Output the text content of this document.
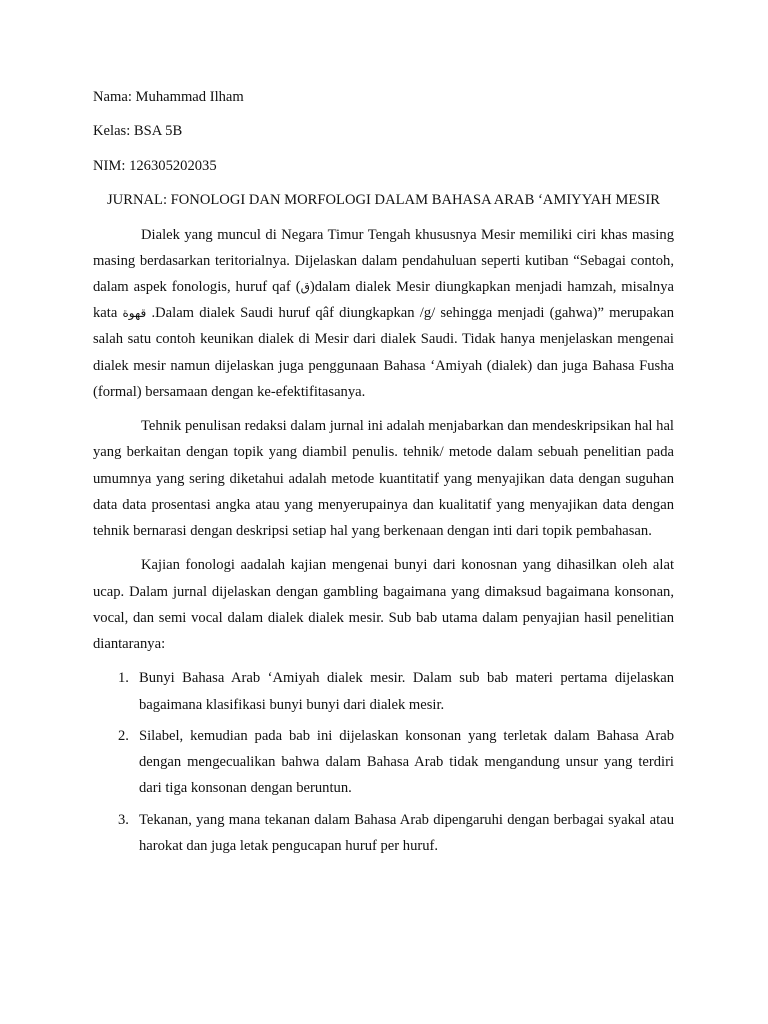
Nama: Muhammad Ilham

Kelas: BSA 5B

NIM: 126305202035

JURNAL: FONOLOGI DAN MORFOLOGI DALAM BAHASA ARAB ‘AMIYYAH MESIR

Dialek yang muncul di Negara Timur Tengah khususnya Mesir memiliki ciri khas masing masing berdasarkan teritorialnya. Dijelaskan dalam pendahuluan seperti kutiban “Sebagai contoh, dalam aspek fonologis, huruf qaf (ق)dalam dialek Mesir diungkapkan menjadi hamzah, misalnya kata قهوة .Dalam dialek Saudi huruf qâf diungkapkan /g/ sehingga menjadi (gahwa)” merupakan salah satu contoh keunikan dialek di Mesir dari dialek Saudi. Tidak hanya menjelaskan mengenai dialek mesir namun dijelaskan juga penggunaan Bahasa ‘Amiyah (dialek) dan juga Bahasa Fusha (formal) bersamaan dengan ke-efektifitasanya.

Tehnik penulisan redaksi dalam jurnal ini adalah menjabarkan dan mendeskripsikan hal hal yang berkaitan dengan topik yang diambil penulis. tehnik/ metode dalam sebuah penelitian pada umumnya yang sering diketahui adalah metode kuantitatif yang menyajikan data dengan suguhan data data prosentasi angka atau yang menyerupainya dan kualitatif yang menyajikan data dengan tehnik bernarasi dengan deskripsi setiap hal yang berkenaan dengan inti dari topik pembahasan.

Kajian fonologi aadalah kajian mengenai bunyi dari konosnan yang dihasilkan oleh alat ucap. Dalam jurnal dijelaskan dengan gambling bagaimana yang dimaksud bagaimana konsonan, vocal, dan semi vocal dalam dialek dialek mesir. Sub bab utama dalam penyajian hasil penelitian diantaranya:

1. Bunyi Bahasa Arab ‘Amiyah dialek mesir. Dalam sub bab materi pertama dijelaskan bagaimana klasifikasi bunyi bunyi dari dialek mesir.
2. Silabel, kemudian pada bab ini dijelaskan konsonan yang terletak dalam Bahasa Arab dengan mengecualikan bahwa dalam Bahasa Arab tidak mengandung unsur yang terdiri dari tiga konsonan dengan beruntun.
3. Tekanan, yang mana tekanan dalam Bahasa Arab dipengaruhi dengan berbagai syakal atau harokat dan juga letak pengucapan huruf per huruf.
